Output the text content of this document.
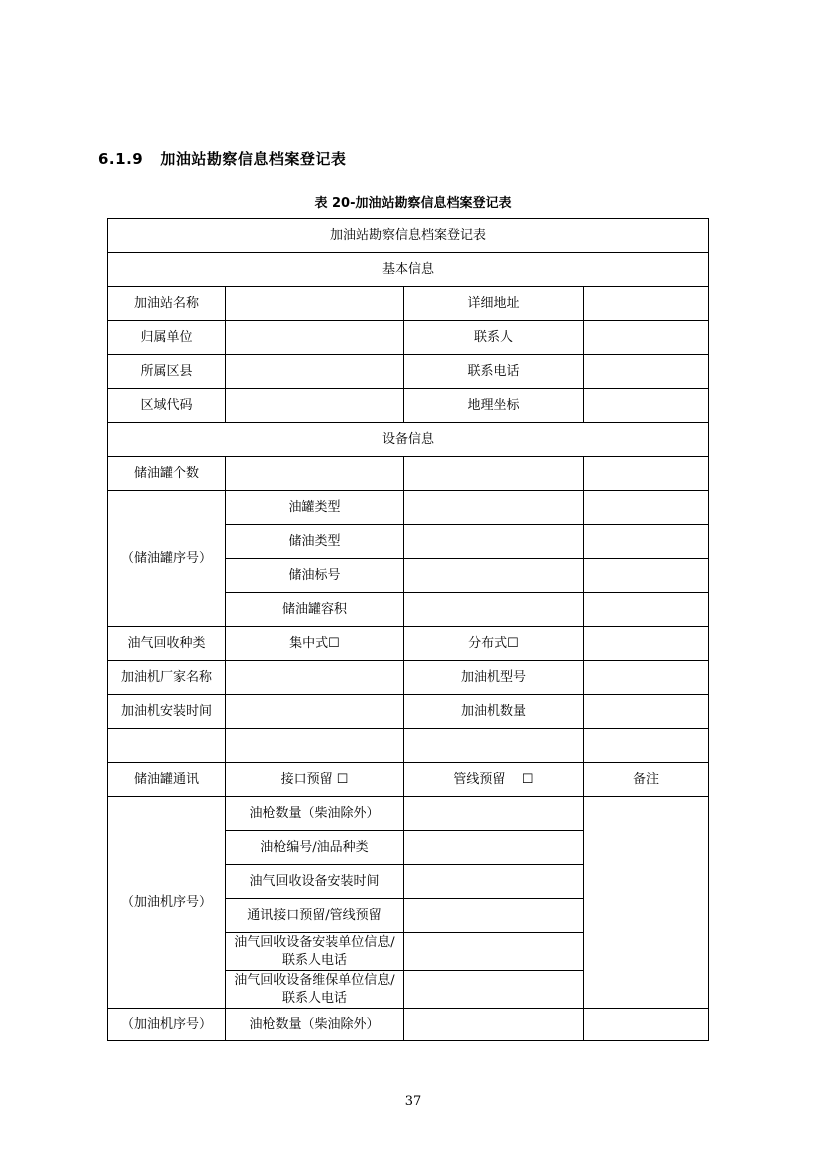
6.1.9 加油站勘察信息档案登记表
表 20-加油站勘察信息档案登记表
加油站勘察信息档案登记表			
基本信息			
加油站名称		详细地址	
归属单位		联系人	
所属区县		联系电话	
区域代码		地理坐标	
设备信息			
储油罐个数			
（储油罐序号）	油罐类型		
	储油类型		
	储油标号		
	储油罐容积		
油气回收种类	集中式☐	分布式☐	
加油机厂家名称		加油机型号	
加油机安装时间		加油机数量	

储油罐通讯	接口预留 ☐	管线预留    ☐	备注
（加油机序号）	油枪数量（柴油除外）		
	油枪编号/油品种类		
	油气回收设备安装时间		
	通讯接口预留/管线预留		
	油气回收设备安装单位信息/联系人电话		
	油气回收设备维保单位信息/联系人电话		
（加油机序号）	油枪数量（柴油除外）		
37
